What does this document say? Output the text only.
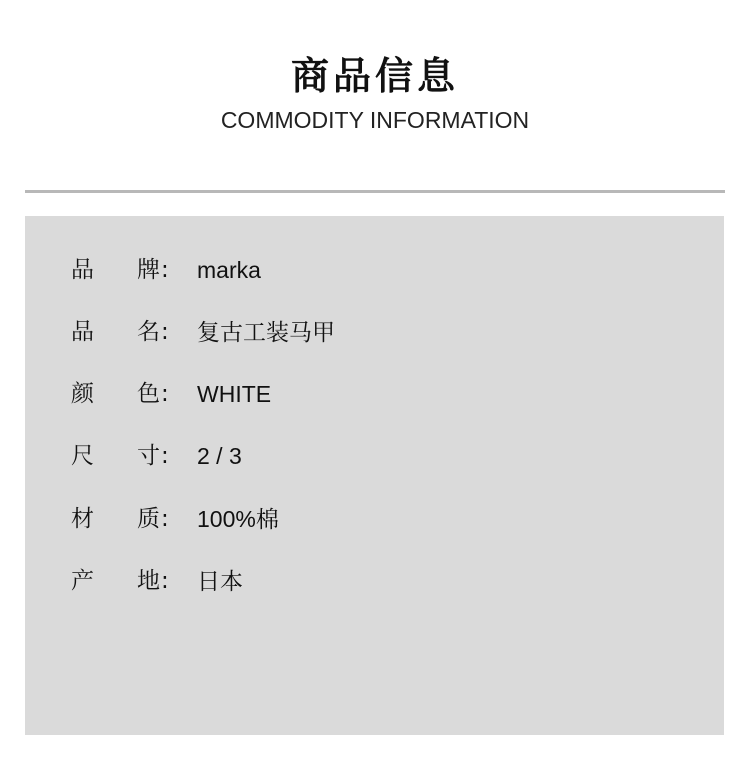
商品信息
COMMODITY INFORMATION
品 牌 : marka
品 名 : 复古工装马甲
颜 色 : WHITE
尺 寸 : 2 / 3
材 质 : 100%棉
产 地 : 日本
